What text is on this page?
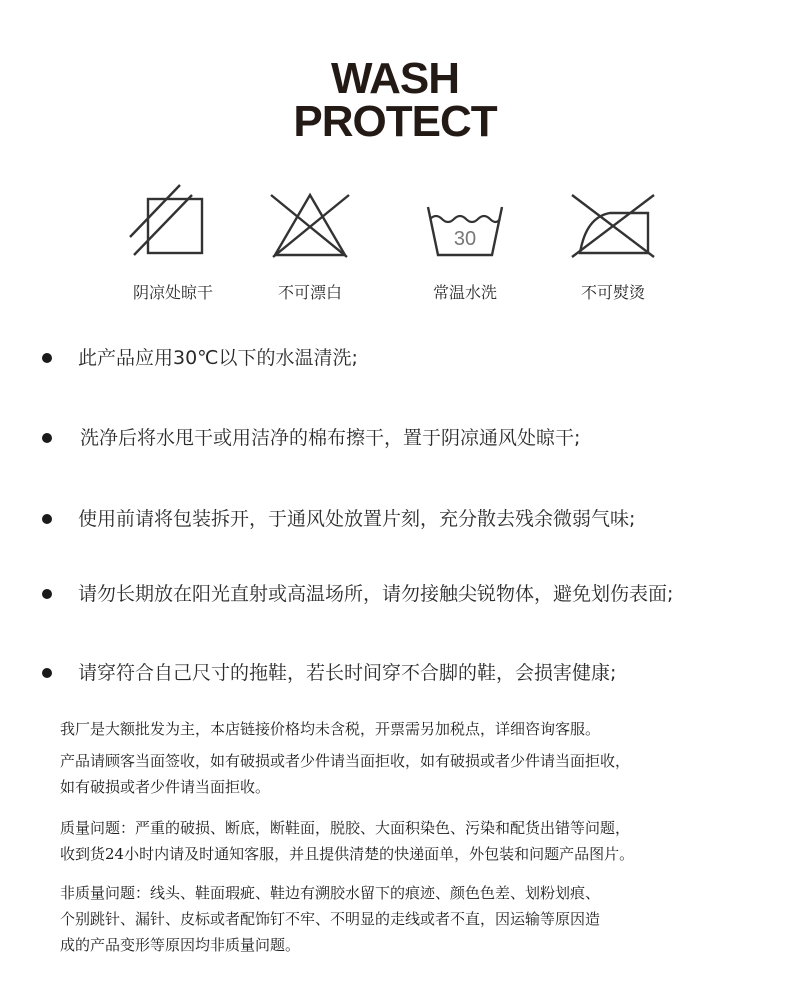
WASH
PROTECT
阴凉处晾干	不可漂白
30
常温水洗	不可熨烫
此产品应用30℃以下的水温清洗;
洗净后将水甩干或用洁净的棉布擦干，置于阴凉通风处晾干;
使用前请将包装拆开，于通风处放置片刻，充分散去残余微弱气味;
请勿长期放在阳光直射或高温场所，请勿接触尖锐物体，避免划伤表面;
请穿符合自己尺寸的拖鞋，若长时间穿不合脚的鞋，会损害健康;

我厂是大额批发为主，本店链接价格均未含税，开票需另加税点，详细咨询客服。

产品请顾客当面签收，如有破损或者少件请当面拒收，如有破损或者少件请当面拒收，

如有破损或者少件请当面拒收。

质量问题：严重的破损、断底，断鞋面，脱胶、大面积染色、污染和配货出错等问题，

收到货24小时内请及时通知客服，并且提供清楚的快递面单，外包装和问题产品图片。

非质量问题：线头、鞋面瑕疵、鞋边有溯胶水留下的痕迹、颜色色差、划粉划痕、

个别跳针、漏针、皮标或者配饰钉不牢、不明显的走线或者不直，因运输等原因造

成的产品变形等原因均非质量问题。
